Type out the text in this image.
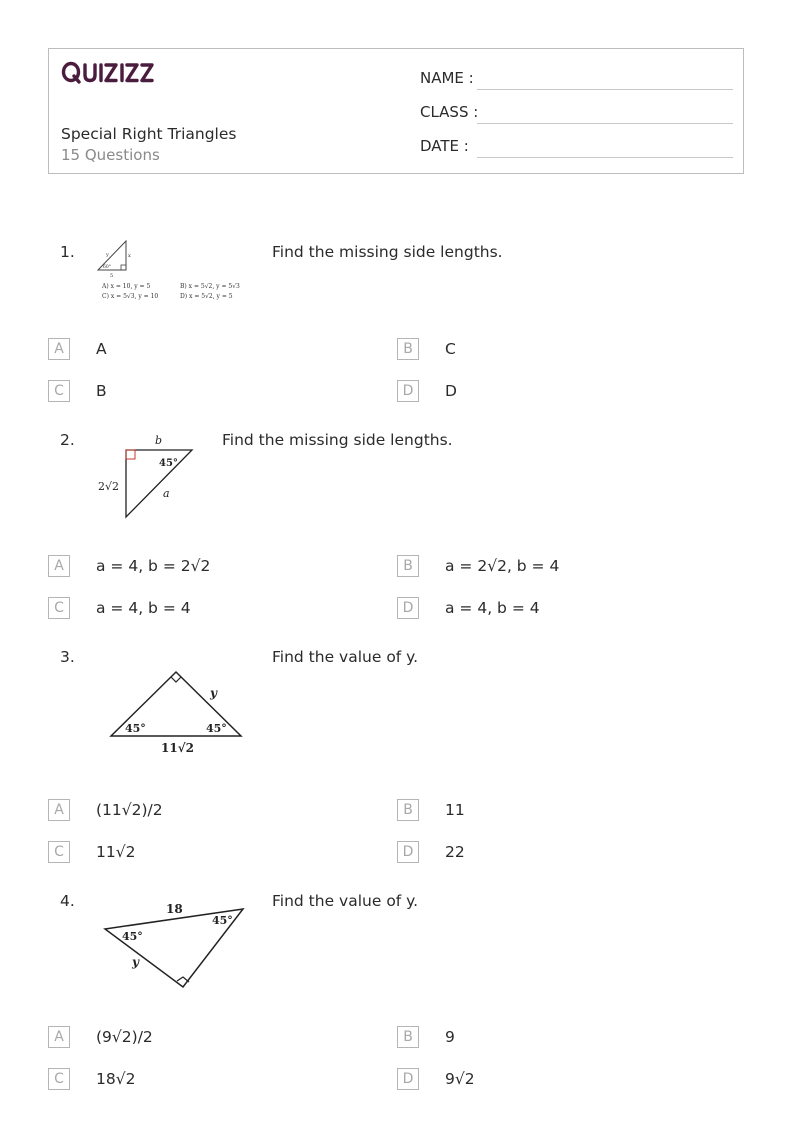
Special Right Triangles
15 Questions
NAME :
CLASS :
DATE :
1.	y	x
60°
5
A) x = 10, y = 5	B) x = 5√2, y = 5√3
C) x = 5√3, y = 10	D) x = 5√2, y = 5
Find the missing side lengths.
A	A	B	C
C	B	D	D
2.	b
45°
2√2
a
Find the missing side lengths.
A	a = 4, b = 2√2	B	a = 2√2, b = 4
C	a = 4, b = 4	D	a = 4, b = 4
3.
y
45°	45°
11√2
Find the value of y.
A	(11√2)/2	B	11
C	11√2	D	22
4.	18
45°
45°
y
Find the value of y.
A	(9√2)/2	B	9
C	18√2	D	9√2
